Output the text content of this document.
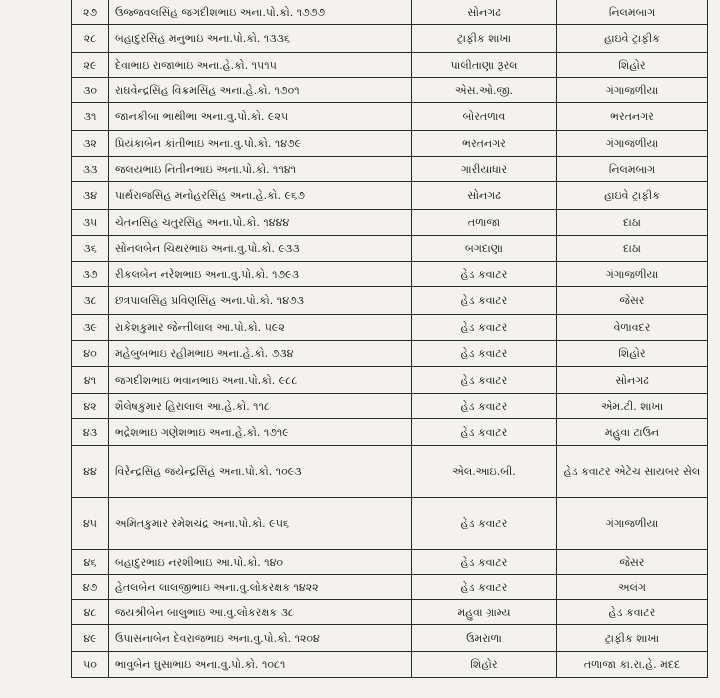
૨૭	ઉજ્જવલસિંહ જગદીશભાઇ અના.પો.કો. ૧૭૭૭	સોનગઢ	નિલમબાગ
૨૮	બહાદુરસિંહ મનુભાઇ અના.પો.કો. ૧૩૩૬	ટ્રાફીક શાખા	હાઇવે ટ્રાફીક
૨૯	દેવાભાઇ રાજાભાઇ અના.હે.કો. ૧૫૧૫	પાલીતાણા રૂરલ	શિહોર
૩૦	રાઘવેન્દ્રસિંહ વિક્રમસિંહ અના.હે.કો. ૧૭૦૧	એસ.ઓ.જી.	ગંગાજળીયા
૩૧	જાનકીબા ભાથીભા અના.વુ.પો.કો. ૯૨૫	બોરતળાવ	ભરતનગર
૩૨	પ્રિયંકાબેન કાંતીભાઇ અના.વુ.પો.કો. ૧૪૭૯	ભરતનગર	ગંગાજળીયા
૩૩	જલયભાઇ નિતીનભાઇ અના.પો.કો. ૧૧૪૧	ગારીયાધાર	નિલમબાગ
૩૪	પાર્થરાજસિંહ મનોહરસિંહ અના.હે.કો. ૯૬૭	સોનગઢ	હાઇવે ટ્રાફીક
૩૫	ચેતનસિંહ ચતુરસિંહ અના.પો.કો. ૧૪૪૪	તળાજા	દાઠા
૩૬	સોનલબેન ચિથરભાઇ અના.વુ.પો.કો. ૯૩૩	બગદાણા	દાઠા
૩૭	રીકલબેન નરેશભાઇ અના.વુ.પો.કો. ૧૭૯૩	હેડ કવાટર	ગંગાજળીયા
૩૮	છત્રપાલસિંહ પ્રવિણસિંહ અના.પો.કો. ૧૪૭૩	હેડ કવાટર	જેસર
૩૯	રાકેશકુમાર જેન્તીલાલ આ.પો.કો. ૫૯૨	હેડ કવાટર	વેળાવદર
૪૦	મહેબુબભાઇ રહીમભાઇ અના.હે.કો. ૭૩૪	હેડ કવાટર	શિહોર
૪૧	જગદીશભાઇ ભવાનભાઇ અના.પો.કો. ૯૮૮	હેડ કવાટર	સોનગઢ
૪૨	શૈલેષકુમાર હિરાલાલ આ.હે.કો. ૧૧૮	હેડ કવાટર	એમ.ટી. શાખા
૪૩	ભદ્રેશભાઇ ગણેશભાઇ અના.હે.કો. ૧૭૧૯	હેડ કવાટર	મહુવા ટાઉન
૪૪	વિરેન્દ્રસિંહ જયેન્દ્રસિંહ અના.પો.કો. ૧૦૯૩	એલ.આઇ.બી.	હેડ કવાટર એટેચ સાયબર સેલ
૪૫	અમિતકુમાર રમેશચંદ્ર અના.પો.કો. ૯૫૬	હેડ કવાટર	ગંગાજળીયા
૪૬	બહાદુરભાઇ નરશીભાઇ આ.પો.કો. ૧૪૦	હેડ કવાટર	જેસર
૪૭	હેતલબેન લાલજીભાઇ અના.વુ.લોકરક્ષક ૧૪૨૨	હેડ કવાટર	અલંગ
૪૮	જયશ્રીબેન બાલુભાઇ આ.વુ.લોકરક્ષક ૩૮	મહુવા ગ્રામ્ય	હેડ કવાટર
૪૯	ઉપાસનાબેન દેવરાજભાઇ અના.વુ.પો.કો. ૧૨૦૪	ઉમરાળા	ટ્રાફીક શાખા
૫૦	ભાવુબેન ઘુસાભાઇ અના.વુ.પો.કો. ૧૦૮૧	શિહોર	તળાજા કા.રા.હે. મદદ
